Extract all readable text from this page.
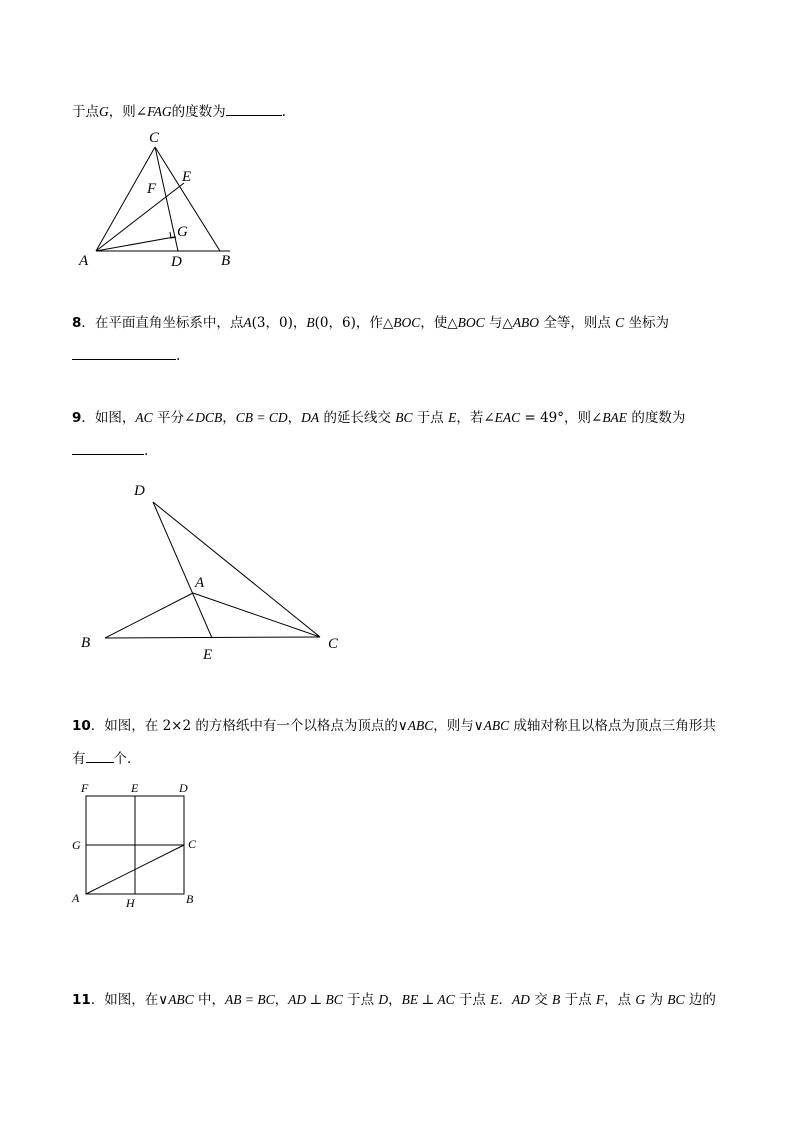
于点G，则∠FAG的度数为	.
C
E
F
G
A	D	B
8．在平面直角坐标系中，点A(3，0)，B(0，6)，作△BOC，使△BOC 与△ABO 全等，则点 C 坐标为
.
9．如图，AC 平分∠DCB，CB = CD，DA 的延长线交 BC 于点 E，若∠EAC = 49°，则∠BAE 的度数为
.
D
A
B
E
C
10．如图，在 2×2 的方格纸中有一个以格点为顶点的∨ABC，则与∨ABC 成轴对称且以格点为顶点三角形共
有 个．
F	E	D
G	C
A	H	B
11．如图，在∨ABC 中，AB = BC，AD ⊥ BC 于点 D，BE ⊥ AC 于点 E．AD 交 B 于点 F，点 G 为 BC 边的
